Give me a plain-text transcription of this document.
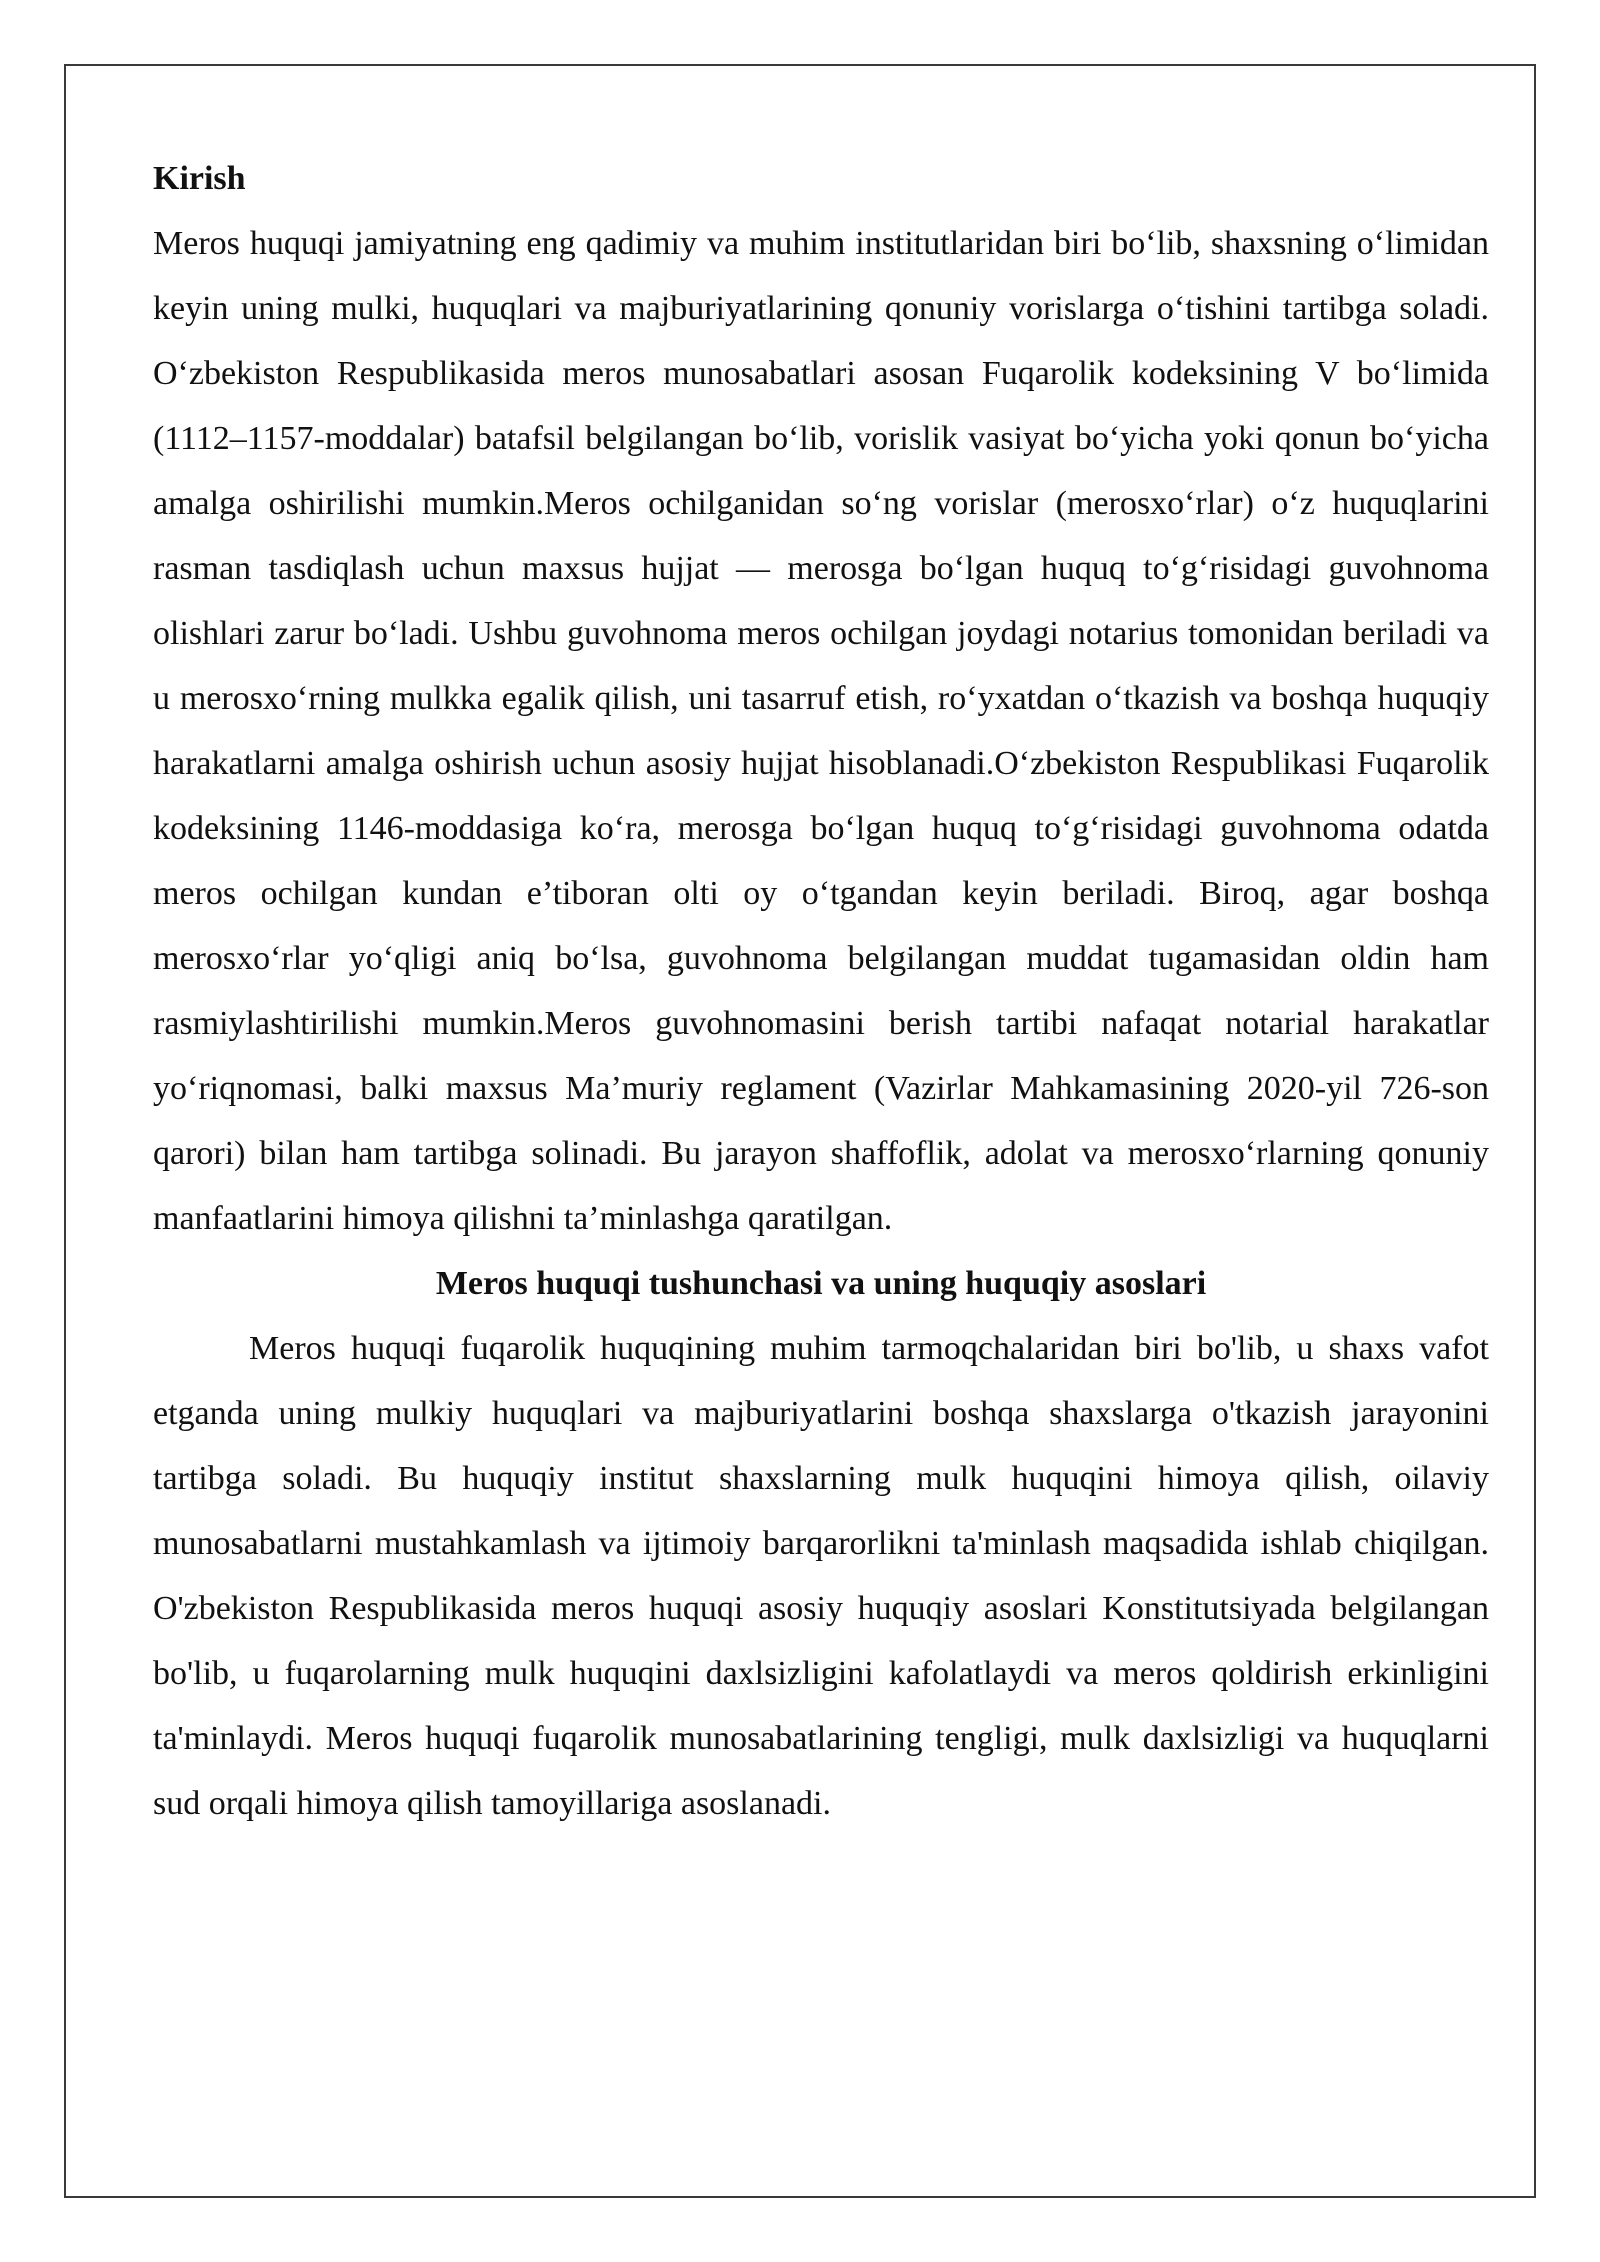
Kirish

Meros huquqi jamiyatning eng qadimiy va muhim institutlaridan biri bo‘lib, shaxsning o‘limidan keyin uning mulki, huquqlari va majburiyatlarining qonuniy vorislarga o‘tishini tartibga soladi. O‘zbekiston Respublikasida meros munosabatlari asosan Fuqarolik kodeksining V bo‘limida (1112–1157-moddalar) batafsil belgilangan bo‘lib, vorislik vasiyat bo‘yicha yoki qonun bo‘yicha amalga oshirilishi mumkin.Meros ochilganidan so‘ng vorislar (merosxo‘rlar) o‘z huquqlarini rasman tasdiqlash uchun maxsus hujjat — merosga bo‘lgan huquq to‘g‘risidagi guvohnoma olishlari zarur bo‘ladi. Ushbu guvohnoma meros ochilgan joydagi notarius tomonidan beriladi va u merosxo‘rning mulkka egalik qilish, uni tasarruf etish, ro‘yxatdan o‘tkazish va boshqa huquqiy harakatlarni amalga oshirish uchun asosiy hujjat hisoblanadi.O‘zbekiston Respublikasi Fuqarolik kodeksining 1146-moddasiga ko‘ra, merosga bo‘lgan huquq to‘g‘risidagi guvohnoma odatda meros ochilgan kundan e’tiboran olti oy o‘tgandan keyin beriladi. Biroq, agar boshqa merosxo‘rlar yo‘qligi aniq bo‘lsa, guvohnoma belgilangan muddat tugamasidan oldin ham rasmiylashtirilishi mumkin.Meros guvohnomasini berish tartibi nafaqat notarial harakatlar yo‘riqnomasi, balki maxsus Ma’muriy reglament (Vazirlar Mahkamasining 2020-yil 726-son qarori) bilan ham tartibga solinadi. Bu jarayon shaffoflik, adolat va merosxo‘rlarning qonuniy manfaatlarini himoya qilishni ta’minlashga qaratilgan.

Meros huquqi tushunchasi va uning huquqiy asoslari

Meros huquqi fuqarolik huquqining muhim tarmoqchalaridan biri bo'lib, u shaxs vafot etganda uning mulkiy huquqlari va majburiyatlarini boshqa shaxslarga o'tkazish jarayonini tartibga soladi. Bu huquqiy institut shaxslarning mulk huquqini himoya qilish, oilaviy munosabatlarni mustahkamlash va ijtimoiy barqarorlikni ta'minlash maqsadida ishlab chiqilgan. O'zbekiston Respublikasida meros huquqi asosiy huquqiy asoslari Konstitutsiyada belgilangan bo'lib, u fuqarolarning mulk huquqini daxlsizligini kafolatlaydi va meros qoldirish erkinligini ta'minlaydi. Meros huquqi fuqarolik munosabatlarining tengligi, mulk daxlsizligi va huquqlarni sud orqali himoya qilish tamoyillariga asoslanadi.
